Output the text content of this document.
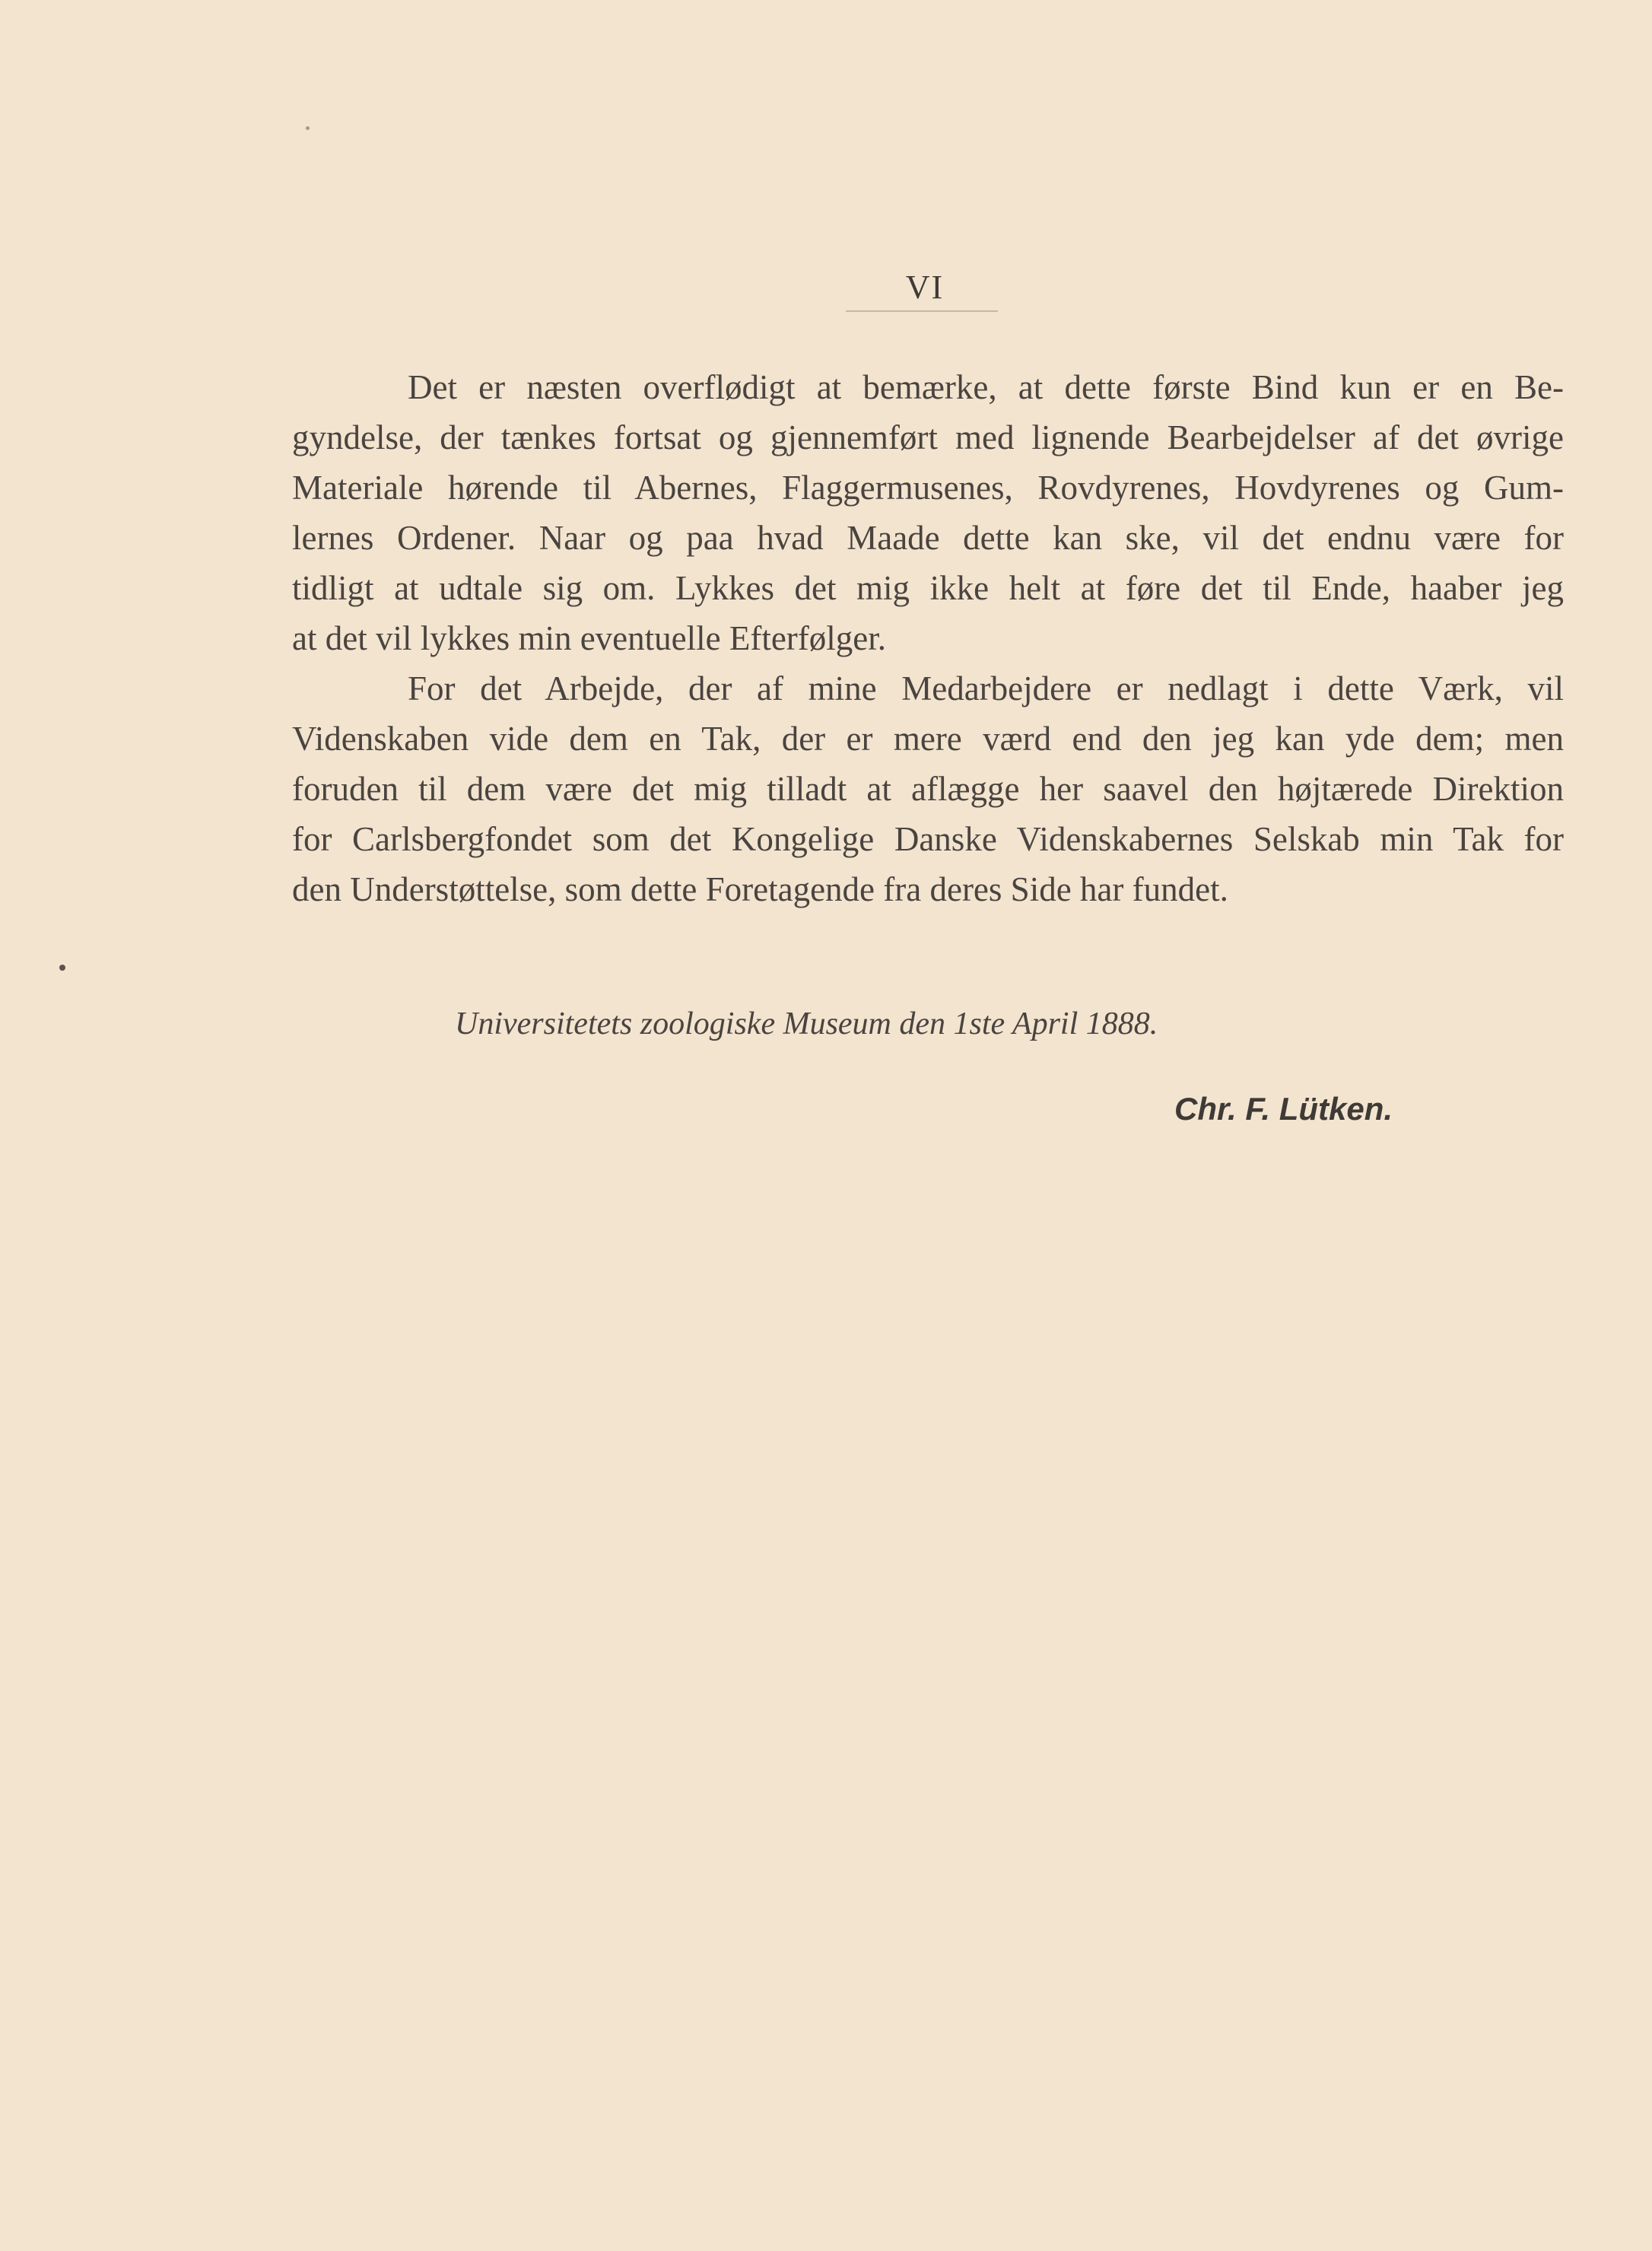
VI
Det er næsten overflødigt at bemærke, at dette første Bind kun er en Be-
gyndelse, der tænkes fortsat og gjennemført med lignende Bearbejdelser af det øvrige
Materiale hørende til Abernes, Flaggermusenes, Rovdyrenes, Hovdyrenes og Gum-
lernes Ordener. Naar og paa hvad Maade dette kan ske, vil det endnu være for
tidligt at udtale sig om. Lykkes det mig ikke helt at føre det til Ende, haaber jeg
at det vil lykkes min eventuelle Efterfølger.
For det Arbejde, der af mine Medarbejdere er nedlagt i dette Værk, vil
Videnskaben vide dem en Tak, der er mere værd end den jeg kan yde dem; men
foruden til dem være det mig tilladt at aflægge her saavel den højtærede Direktion
for Carlsbergfondet som det Kongelige Danske Videnskabernes Selskab min Tak for
den Understøttelse, som dette Foretagende fra deres Side har fundet.
Universitetets zoologiske Museum den 1ste April 1888.
Chr. F. Lütken.
